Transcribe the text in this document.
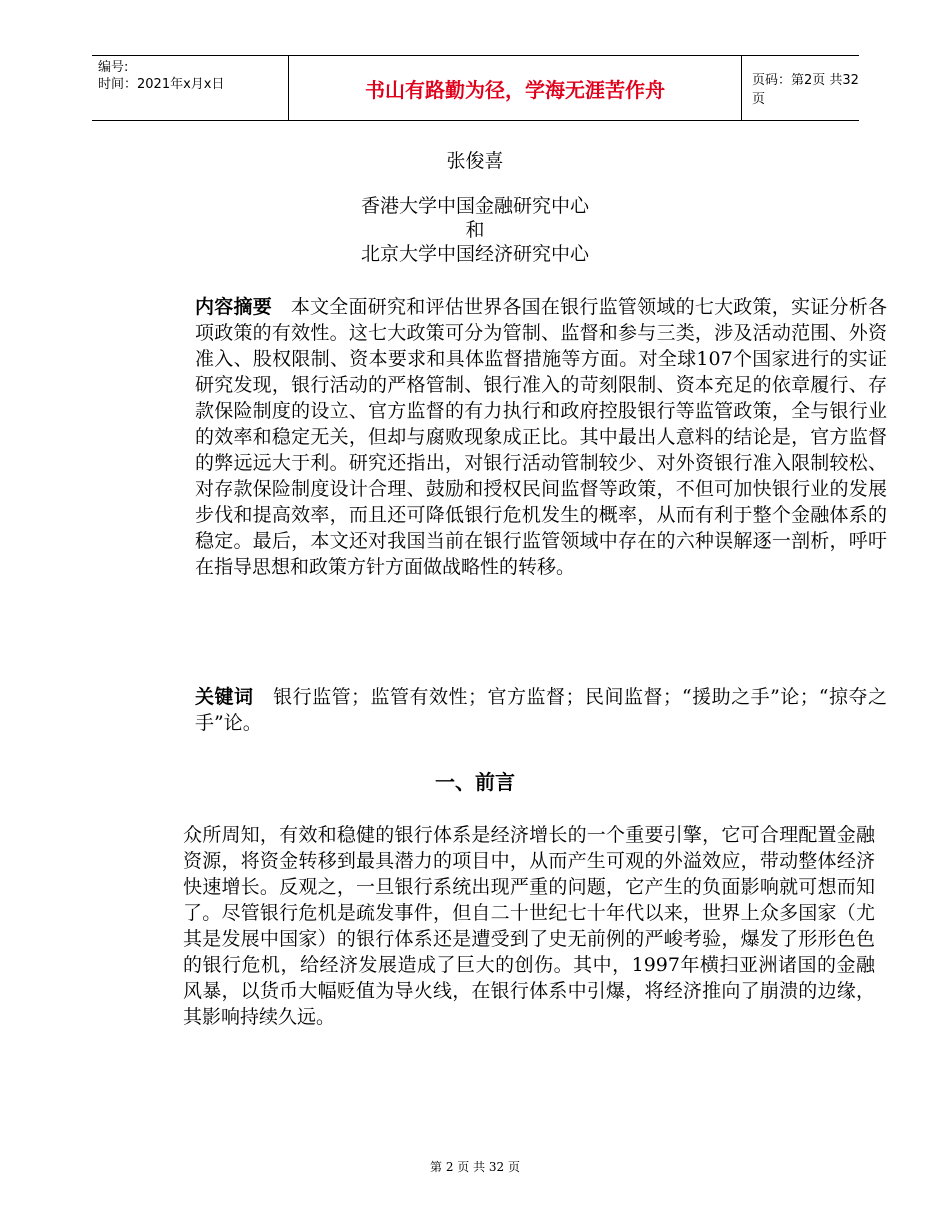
编号:
时间：2021年x月x日	书山有路勤为径，学海无涯苦作舟	页码：第2页 共32页
张俊喜
香港大学中国金融研究中心
和
北京大学中国经济研究中心

内容摘要 本文全面研究和评估世界各国在银行监管领域的七大政策，实证分析各项政策的有效性。这七大政策可分为管制、监督和参与三类，涉及活动范围、外资准入、股权限制、资本要求和具体监督措施等方面。对全球107个国家进行的实证研究发现，银行活动的严格管制、银行准入的苛刻限制、资本充足的依章履行、存款保险制度的设立、官方监督的有力执行和政府控股银行等监管政策，全与银行业的效率和稳定无关，但却与腐败现象成正比。其中最出人意料的结论是，官方监督的弊远远大于利。研究还指出，对银行活动管制较少、对外资银行准入限制较松、对存款保险制度设计合理、鼓励和授权民间监督等政策，不但可加快银行业的发展步伐和提高效率，而且还可降低银行危机发生的概率，从而有利于整个金融体系的稳定。最后，本文还对我国当前在银行监管领域中存在的六种误解逐一剖析，呼吁在指导思想和政策方针方面做战略性的转移。

关键词 银行监管；监管有效性；官方监督；民间监督；“援助之手”论；“掠夺之手”论。

一、前言

众所周知，有效和稳健的银行体系是经济增长的一个重要引擎，它可合理配置金融资源，将资金转移到最具潜力的项目中，从而产生可观的外溢效应，带动整体经济快速增长。反观之，一旦银行系统出现严重的问题，它产生的负面影响就可想而知了。尽管银行危机是疏发事件，但自二十世纪七十年代以来，世界上众多国家（尤其是发展中国家）的银行体系还是遭受到了史无前例的严峻考验，爆发了形形色色的银行危机，给经济发展造成了巨大的创伤。其中，1997年横扫亚洲诸国的金融风暴，以货币大幅贬值为导火线，在银行体系中引爆，将经济推向了崩溃的边缘，其影响持续久远。

第 2 页 共 32 页
